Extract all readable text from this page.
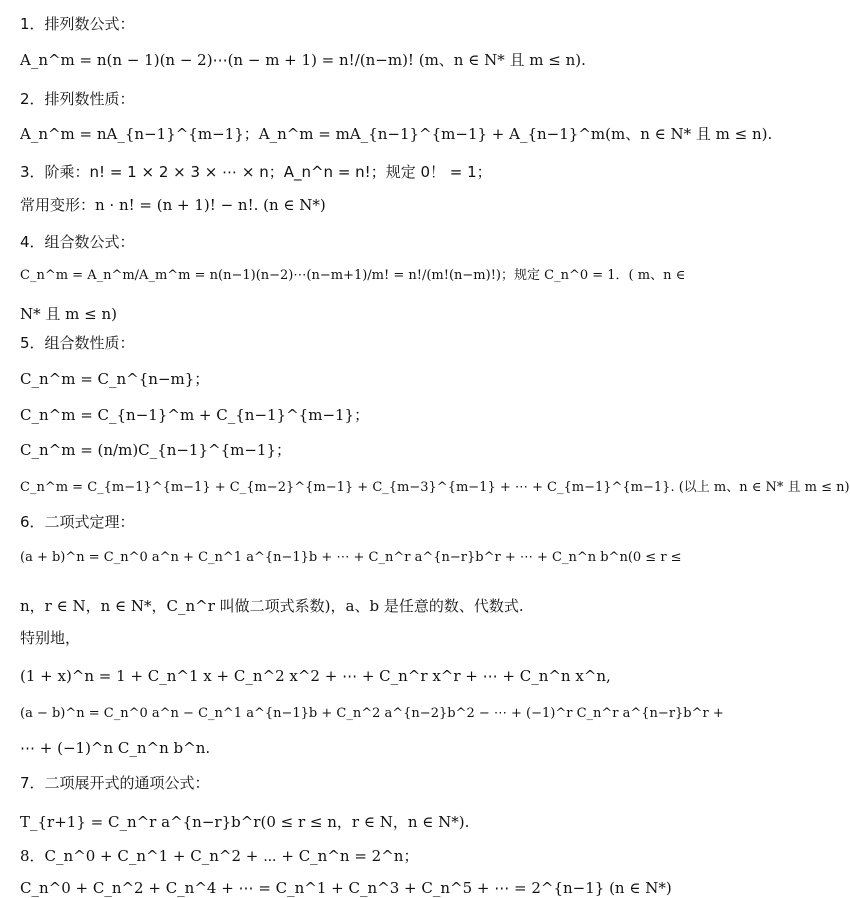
1．排列数公式：
A_n^m = n(n − 1)(n − 2)⋯(n − m + 1) = n!/(n−m)! (m、n ∈ N* 且 m ≤ n).
2．排列数性质：
A_n^m = nA_{n−1}^{m−1}；A_n^m = mA_{n−1}^{m−1} + A_{n−1}^m(m、n ∈ N* 且 m ≤ n).
3．阶乘：n! = 1 × 2 × 3 × ⋯ × n；A_n^n = n!；规定 0！ = 1；
常用变形：n · n! = (n + 1)! − n!. (n ∈ N*)
4．组合数公式：
C_n^m = A_n^m/A_m^m = n(n−1)(n−2)⋯(n−m+1)/m! = n!/(m!(n−m)!)；规定 C_n^0 = 1．( m、n ∈
N* 且 m ≤ n)
5．组合数性质：
C_n^m = C_n^{n−m}；
C_n^m = C_{n−1}^m + C_{n−1}^{m−1}；
C_n^m = (n/m)C_{n−1}^{m−1}；
C_n^m = C_{m−1}^{m−1} + C_{m−2}^{m−1} + C_{m−3}^{m−1} + ⋯ + C_{m−1}^{m−1}. (以上 m、n ∈ N* 且 m ≤ n)
6．二项式定理：
(a + b)^n = C_n^0 a^n + C_n^1 a^{n−1}b + ⋯ + C_n^r a^{n−r}b^r + ⋯ + C_n^n b^n(0 ≤ r ≤
n，r ∈ N，n ∈ N*，C_n^r 叫做二项式系数)，a、b 是任意的数、代数式.
特别地，
(1 + x)^n = 1 + C_n^1 x + C_n^2 x^2 + ⋯ + C_n^r x^r + ⋯ + C_n^n x^n,
(a − b)^n = C_n^0 a^n − C_n^1 a^{n−1}b + C_n^2 a^{n−2}b^2 − ⋯ + (−1)^r C_n^r a^{n−r}b^r +
⋯ + (−1)^n C_n^n b^n.
7．二项展开式的通项公式：
T_{r+1} = C_n^r a^{n−r}b^r(0 ≤ r ≤ n，r ∈ N，n ∈ N*).
8．C_n^0 + C_n^1 + C_n^2 + ⋯ + C_n^n = 2^n；
C_n^0 + C_n^2 + C_n^4 + ⋯ = C_n^1 + C_n^3 + C_n^5 + ⋯ = 2^{n−1} (n ∈ N*)
